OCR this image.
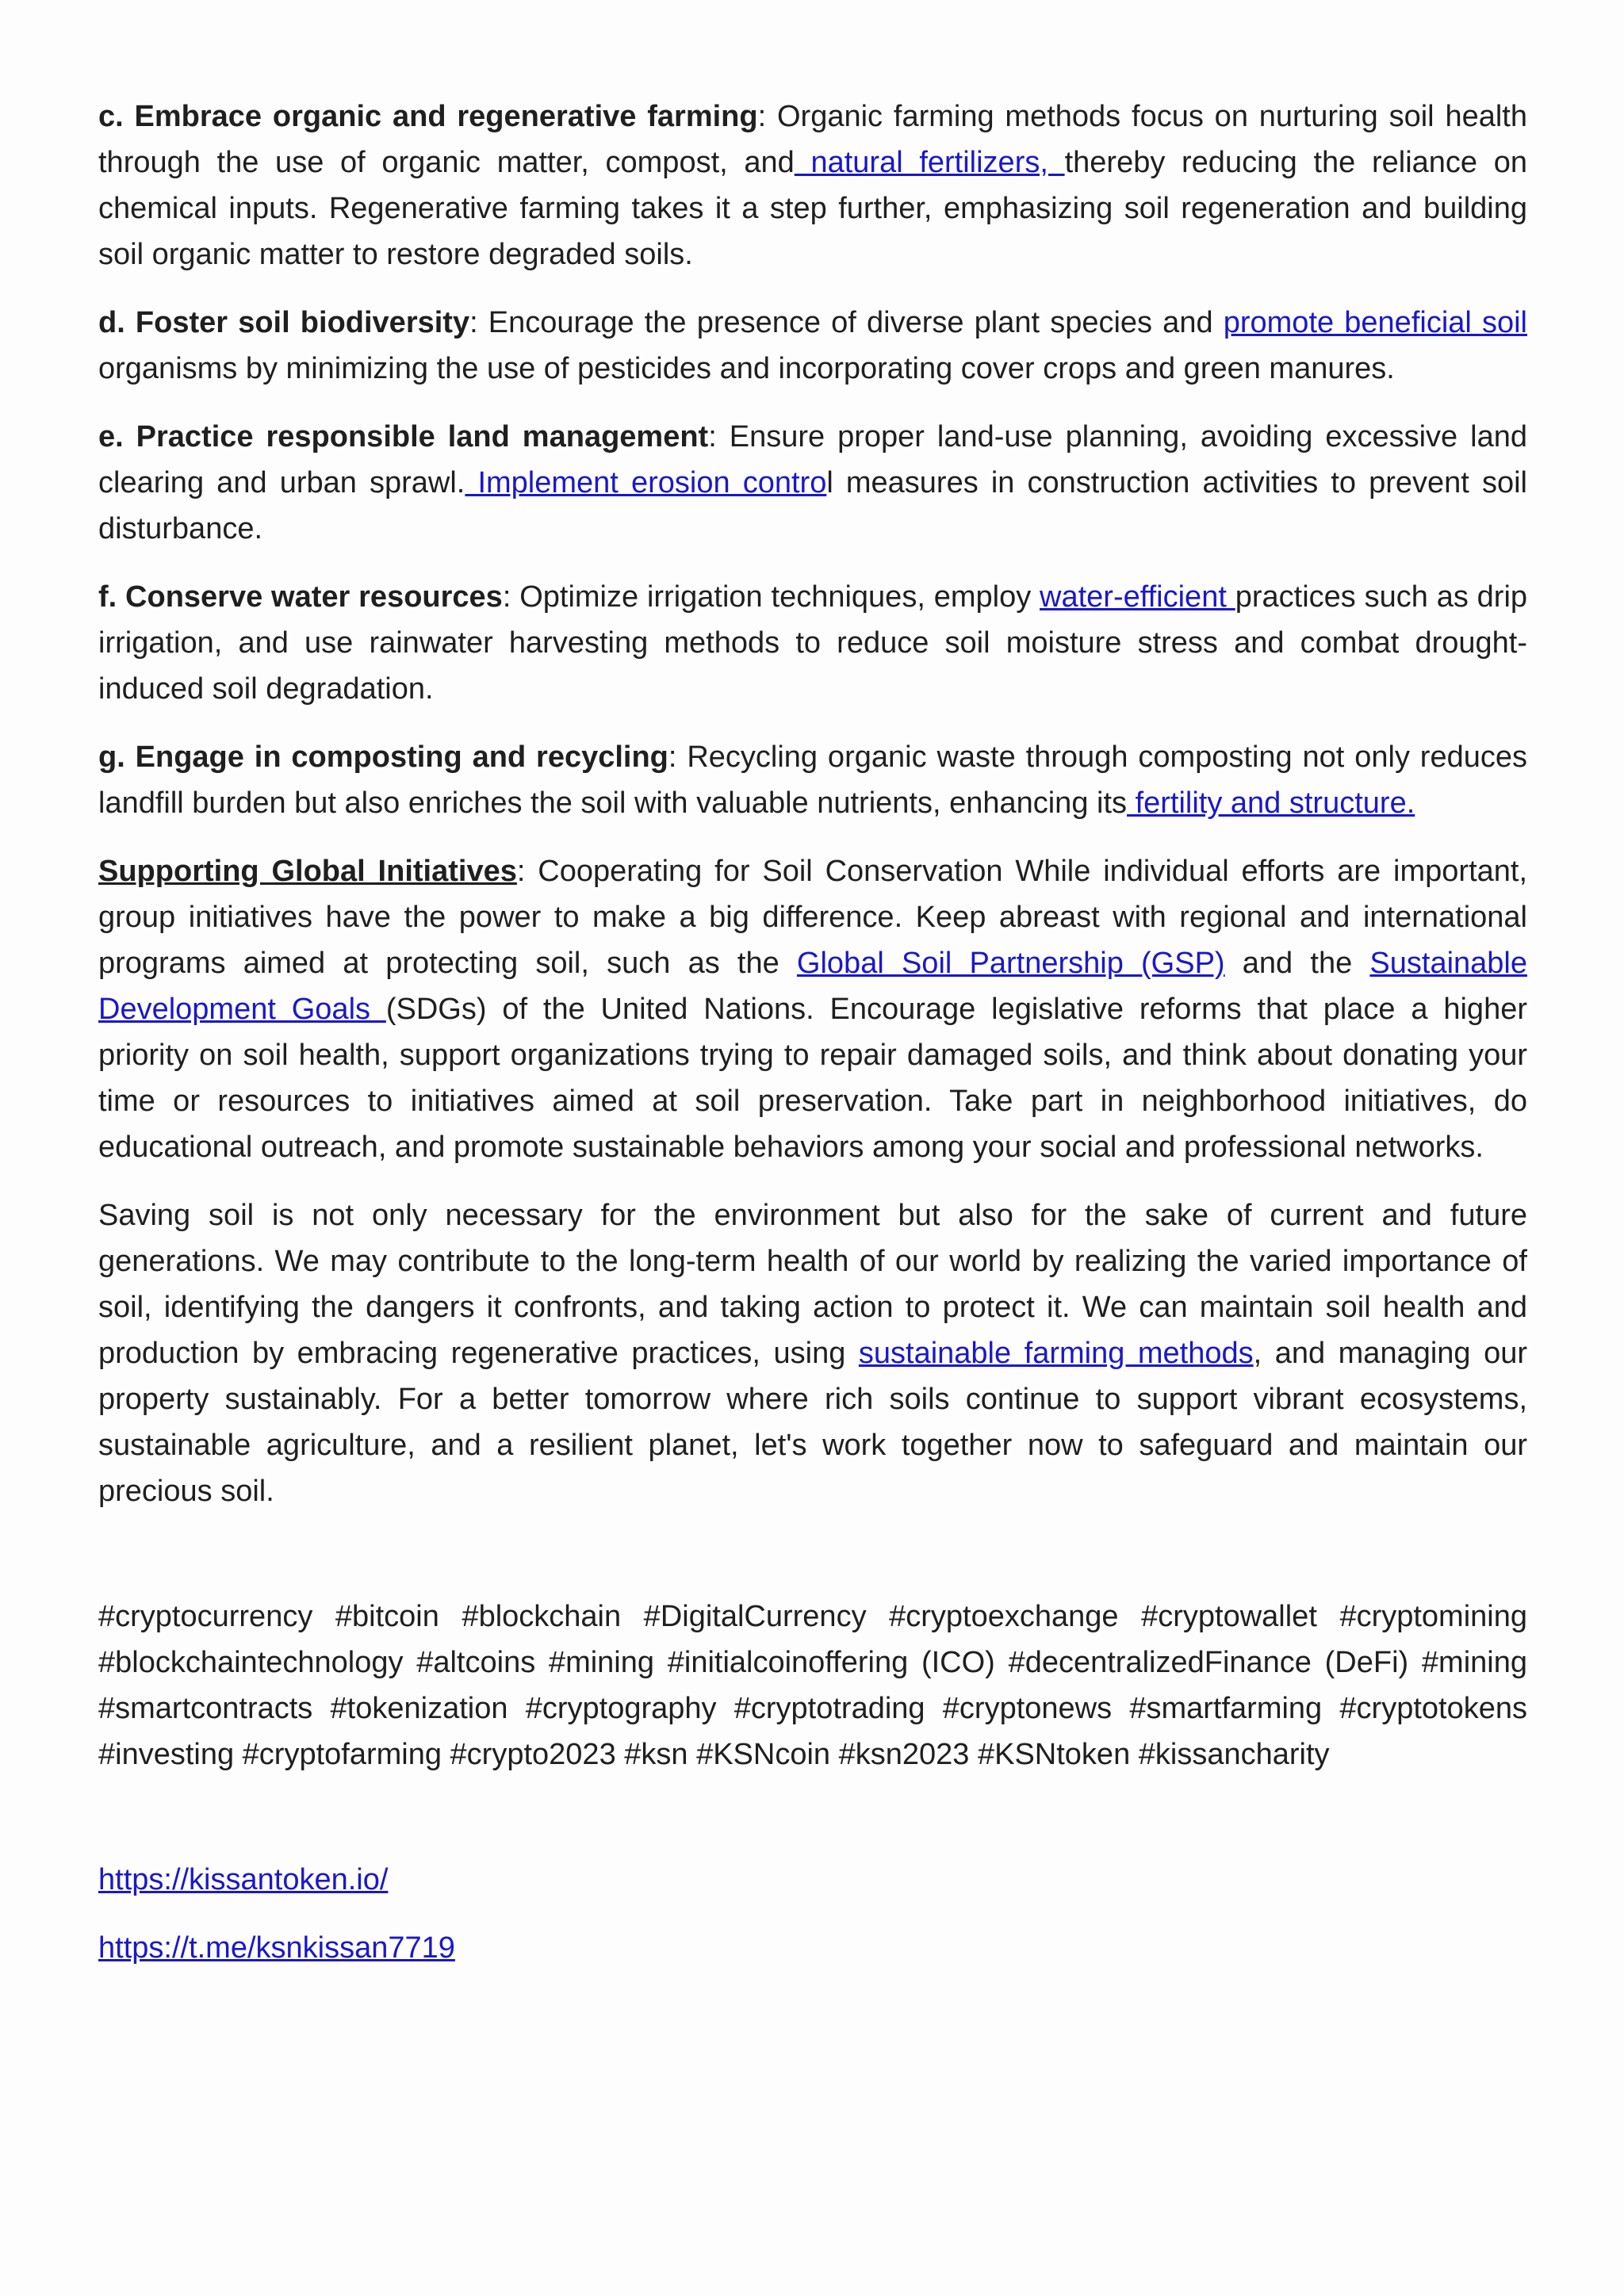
c. Embrace organic and regenerative farming: Organic farming methods focus on nurturing soil health through the use of organic matter, compost, and natural fertilizers, thereby reducing the reliance on chemical inputs. Regenerative farming takes it a step further, emphasizing soil regeneration and building soil organic matter to restore degraded soils.

d. Foster soil biodiversity: Encourage the presence of diverse plant species and promote beneficial soil organisms by minimizing the use of pesticides and incorporating cover crops and green manures.

e. Practice responsible land management: Ensure proper land-use planning, avoiding excessive land clearing and urban sprawl. Implement erosion control measures in construction activities to prevent soil disturbance.

f. Conserve water resources: Optimize irrigation techniques, employ water-efficient practices such as drip irrigation, and use rainwater harvesting methods to reduce soil moisture stress and combat drought-induced soil degradation.

g. Engage in composting and recycling: Recycling organic waste through composting not only reduces landfill burden but also enriches the soil with valuable nutrients, enhancing its fertility and structure.

Supporting Global Initiatives: Cooperating for Soil Conservation While individual efforts are important, group initiatives have the power to make a big difference. Keep abreast with regional and international programs aimed at protecting soil, such as the Global Soil Partnership (GSP) and the Sustainable Development Goals (SDGs) of the United Nations. Encourage legislative reforms that place a higher priority on soil health, support organizations trying to repair damaged soils, and think about donating your time or resources to initiatives aimed at soil preservation. Take part in neighborhood initiatives, do educational outreach, and promote sustainable behaviors among your social and professional networks.

Saving soil is not only necessary for the environment but also for the sake of current and future generations. We may contribute to the long-term health of our world by realizing the varied importance of soil, identifying the dangers it confronts, and taking action to protect it. We can maintain soil health and production by embracing regenerative practices, using sustainable farming methods, and managing our property sustainably. For a better tomorrow where rich soils continue to support vibrant ecosystems, sustainable agriculture, and a resilient planet, let's work together now to safeguard and maintain our precious soil.

#cryptocurrency #bitcoin #blockchain #DigitalCurrency #cryptoexchange #cryptowallet #cryptomining #blockchaintechnology #altcoins #mining #initialcoinoffering (ICO) #decentralizedFinance (DeFi) #mining #smartcontracts #tokenization #cryptography #cryptotrading #cryptonews #smartfarming #cryptotokens #investing #cryptofarming #crypto2023 #ksn #KSNcoin #ksn2023 #KSNtoken #kissancharity

https://kissantoken.io/

https://t.me/ksnkissan7719
